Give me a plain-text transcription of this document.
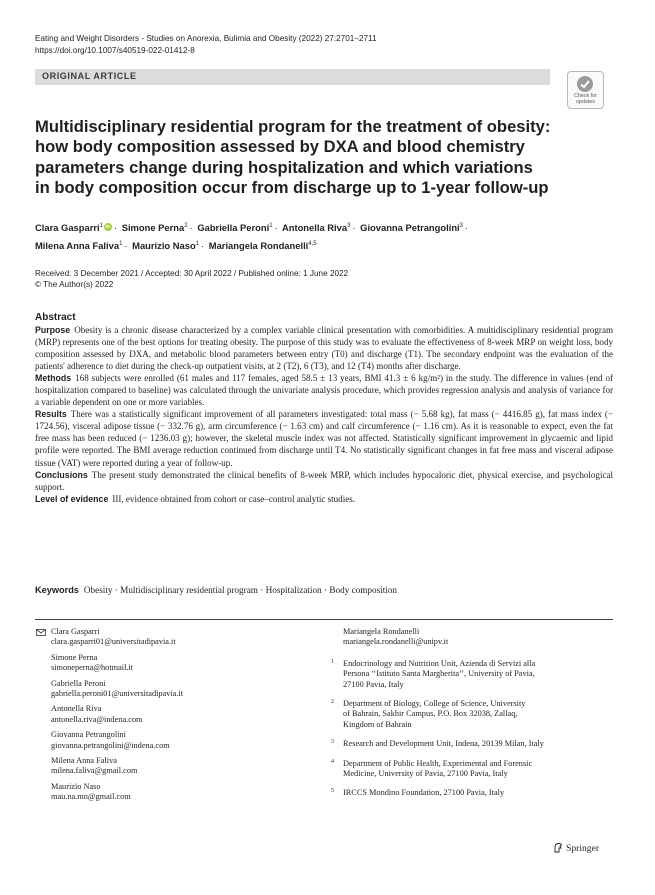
Eating and Weight Disorders - Studies on Anorexia, Bulimia and Obesity (2022) 27:2701–2711
https://doi.org/10.1007/s40519-022-01412-8
ORIGINAL ARTICLE
Check for
updates
Multidisciplinary residential program for the treatment of obesity:
how body composition assessed by DXA and blood chemistry
parameters change during hospitalization and which variations
in body composition occur from discharge up to 1-year follow-up
Clara Gasparri$^1$iD · Simone Perna$^2$ · Gabriella Peroni$^1$ · Antonella Riva$^3$ · Giovanna Petrangolini$^3$ ·
Milena Anna Faliva$^1$ · Maurizio Naso$^1$ · Mariangela Rondanelli$^{4,5}$
Received: 3 December 2021 / Accepted: 30 April 2022 / Published online: 1 June 2022
© The Author(s) 2022
Abstract

Purpose Obesity is a chronic disease characterized by a complex variable clinical presentation with comorbidities. A multidisciplinary residential program (MRP) represents one of the best options for treating obesity. The purpose of this study was to evaluate the effectiveness of 8-week MRP on weight loss, body composition assessed by DXA, and metabolic blood parameters between entry (T0) and discharge (T1). The secondary endpoint was the evaluation of the patients' adherence to diet during the check-up outpatient visits, at 2 (T2), 6 (T3), and 12 (T4) months after discharge.

Methods 168 subjects were enrolled (61 males and 117 females, aged 58.5 ± 13 years, BMI 41.3 ± 6 kg/m²) in the study. The difference in values (end of hospitalization compared to baseline) was calculated through the univariate analysis procedure, which provides regression analysis and analysis of variance for a variable dependent on one or more variables.

Results There was a statistically significant improvement of all parameters investigated: total mass (− 5.68 kg), fat mass (− 4416.85 g), fat mass index (− 1724.56), visceral adipose tissue (− 332.76 g), arm circumference (− 1.63 cm) and calf circumference (− 1.16 cm). As it is reasonable to expect, even the fat free mass has been reduced (− 1236.03 g); however, the skeletal muscle index was not affected. Statistically significant improvement in glycaemic and lipid profile were reported. The BMI average reduction continued from discharge until T4. No statistically significant changes in fat free mass and visceral adipose tissue (VAT) were reported during a year of follow-up.

Conclusions The present study demonstrated the clinical benefits of 8-week MRP, which includes hypocaloric diet, physical exercise, and psychological support.

Level of evidence III, evidence obtained from cohort or case–control analytic studies.

Keywords Obesity · Multidisciplinary residential program · Hospitalization · Body composition
Clara Gasparri
clara.gasparri01@universitadipavia.it
Simone Perna
simoneperna@hotmail.it
Gabriella Peroni
gabriella.peroni01@universitadipavia.it
Antonella Riva
antonella.riva@indena.com
Giovanna Petrangolini
giovanna.petrangolini@indena.com
Milena Anna Faliva
milena.faliva@gmail.com
Maurizio Naso
mau.na.mn@gmail.com
Mariangela Rondanelli
mariangela.rondanelli@unipv.it
1 Endocrinology and Nutrition Unit, Azienda di Servizi alla
Persona ‘‘Istituto Santa Margherita’’, University of Pavia,
27100 Pavia, Italy
2 Department of Biology, College of Science, University
of Bahrain, Sakhir Campus, P.O. Box 32038, Zallaq,
Kingdom of Bahrain
3 Research and Development Unit, Indena, 20139 Milan, Italy
4 Department of Public Health, Experimental and Forensic
Medicine, University of Pavia, 27100 Pavia, Italy
5 IRCCS Mondino Foundation, 27100 Pavia, Italy
Springer
